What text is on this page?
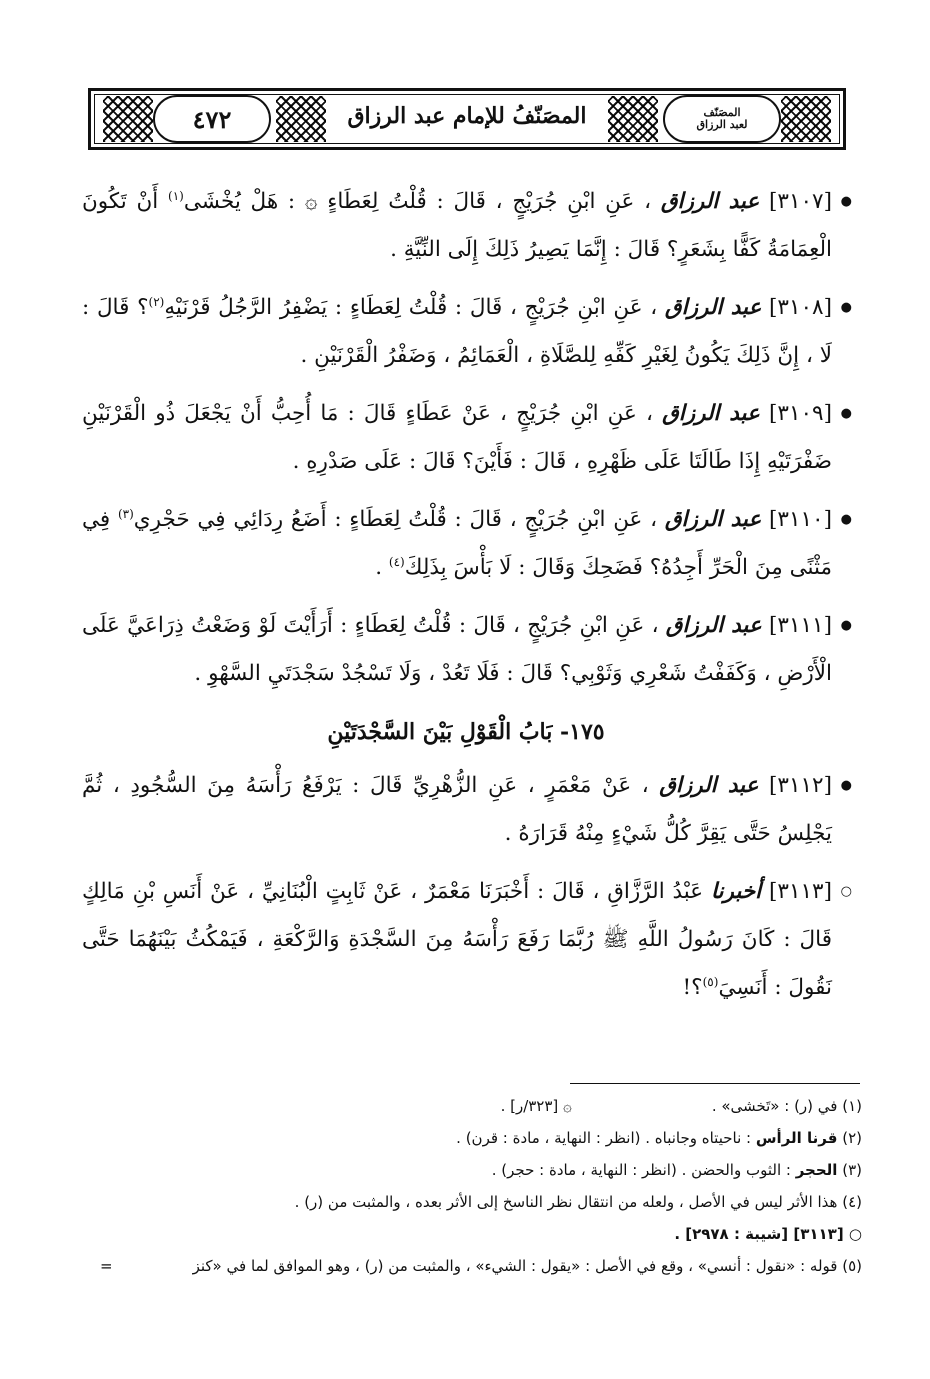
المصَنّف
لعبد الرزاق
المصَنّفُ للإمام عبد الرزاق
٤٧٢

●
[٣١٠٧] عبد الرزاق ، عَنِ ابْنِ جُرَيْجٍ ، قَالَ : قُلْتُ لِعَطَاءٍ ۞ : هَلْ يُخْشَى$^{(١)}$ أَنْ تَكُونَ الْعِمَامَةُ كَفًّا بِشَعَرٍ؟ قَالَ : إِنَّمَا يَصِيرُ ذَلِكَ إِلَى النِّيَّةِ .

●
[٣١٠٨] عبد الرزاق ، عَنِ ابْنِ جُرَيْجٍ ، قَالَ : قُلْتُ لِعَطَاءٍ : يَضْفِرُ الرَّجُلُ قَرْنَيْهِ$^{(٢)}$؟ قَالَ : لَا ، إِنَّ ذَلِكَ يَكُونُ لِغَيْرِ كَفِّهِ لِلصَّلَاةِ ، الْعَمَائِمُ ، وَضَفْرُ الْقَرْنَيْنِ .

●
[٣١٠٩] عبد الرزاق ، عَنِ ابْنِ جُرَيْجٍ ، عَنْ عَطَاءٍ قَالَ : مَا أُحِبُّ أَنْ يَجْعَلَ ذُو الْقَرْنَيْنِ ضَفْرَتَيْهِ إِذَا طَالَتَا عَلَى ظَهْرِهِ ، قَالَ : فَأَيْنَ؟ قَالَ : عَلَى صَدْرِهِ .

●
[٣١١٠] عبد الرزاق ، عَنِ ابْنِ جُرَيْجٍ ، قَالَ : قُلْتُ لِعَطَاءٍ : أَضَعُ رِدَائِي فِي حَجْرِي$^{(٣)}$ فِي مَثْنًى مِنَ الْحَرِّ أَجِدُهُ؟ فَضَحِكَ وَقَالَ : لَا بَأْسَ بِذَلِكَ$^{(٤)}$ .

●
[٣١١١] عبد الرزاق ، عَنِ ابْنِ جُرَيْجٍ ، قَالَ : قُلْتُ لِعَطَاءٍ : أَرَأَيْتَ لَوْ وَضَعْتُ ذِرَاعَيَّ عَلَى الْأَرْضِ ، وَكَفَفْتُ شَعْرِي وَثَوْبِي؟ قَالَ : فَلَا تَعُدْ ، وَلَا تَسْجُدْ سَجْدَتَيِ السَّهْوِ .

١٧٥- بَابُ الْقَوْلِ بَيْنَ السَّجْدَتَيْنِ

●
[٣١١٢] عبد الرزاق ، عَنْ مَعْمَرٍ ، عَنِ الزُّهْرِيِّ قَالَ : يَرْفَعُ رَأْسَهُ مِنَ السُّجُودِ ، ثُمَّ يَجْلِسُ حَتَّى يَقِرَّ كُلُّ شَيْءٍ مِنْهُ قَرَارَهُ .

○
[٣١١٣] أخبرنا عَبْدُ الرَّزَّاقِ ، قَالَ : أَخْبَرَنَا مَعْمَرٌ ، عَنْ ثَابِتٍ الْبُنَانِيِّ ، عَنْ أَنَسِ بْنِ مَالِكٍ قَالَ : كَانَ رَسُولُ اللَّهِ ﷺ رُبَّمَا رَفَعَ رَأْسَهُ مِنَ السَّجْدَةِ وَالرَّكْعَةِ ، فَيَمْكُثُ بَيْنَهُمَا حَتَّى نَقُولَ : أَنَسِيَ$^{(٥)}$؟!

(١) في (ر) : «تَخشى» .
۞ [٣٢٣/ر] .
(٢) قرنا الرأس : ناحيتاه وجانباه . (انظر : النهاية ، مادة : قرن) .
(٣) الحجر : الثوب والحضن . (انظر : النهاية ، مادة : حجر) .
(٤) هذا الأثر ليس في الأصل ، ولعله من انتقال نظر الناسخ إلى الأثر بعده ، والمثبت من (ر) .
○ [٣١١٣] [شيبة : ٢٩٧٨] .
(٥) قوله : «نقول : أنسي» ، وقع في الأصل : «يقول : الشيء» ، والمثبت من (ر) ، وهو الموافق لما في «كنز
=
